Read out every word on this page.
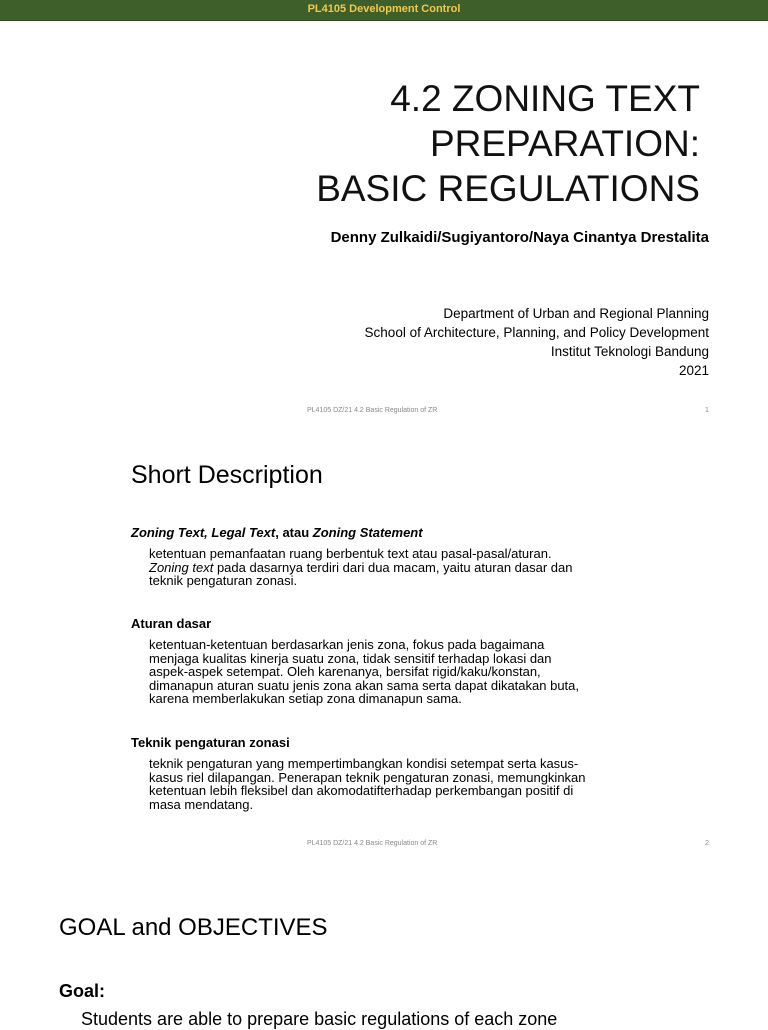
PL4105 Development Control
4.2 ZONING TEXT
PREPARATION:
BASIC REGULATIONS
Denny Zulkaidi/Sugiyantoro/Naya Cinantya Drestalita
Department of Urban and Regional Planning
School of Architecture, Planning, and Policy Development
Institut Teknologi Bandung
2021
PL4105 DZ/21 4.2 Basic Regulation of ZR	1
Short Description
Zoning Text, Legal Text, atau Zoning Statement
ketentuan pemanfaatan ruang berbentuk text atau pasal-pasal/aturan.
Zoning text pada dasarnya terdiri dari dua macam, yaitu aturan dasar dan
teknik pengaturan zonasi.
Aturan dasar
ketentuan-ketentuan berdasarkan jenis zona, fokus pada bagaimana
menjaga kualitas kinerja suatu zona, tidak sensitif terhadap lokasi dan
aspek-aspek setempat. Oleh karenanya, bersifat rigid/kaku/konstan,
dimanapun aturan suatu jenis zona akan sama serta dapat dikatakan buta,
karena memberlakukan setiap zona dimanapun sama.
Teknik pengaturan zonasi
teknik pengaturan yang mempertimbangkan kondisi setempat serta kasus-
kasus riel dilapangan. Penerapan teknik pengaturan zonasi, memungkinkan
ketentuan lebih fleksibel dan akomodatifterhadap perkembangan positif di
masa mendatang.
PL4105 DZ/21 4.2 Basic Regulation of ZR	2
GOAL and OBJECTIVES
Goal:
Students are able to prepare basic regulations of each zone
